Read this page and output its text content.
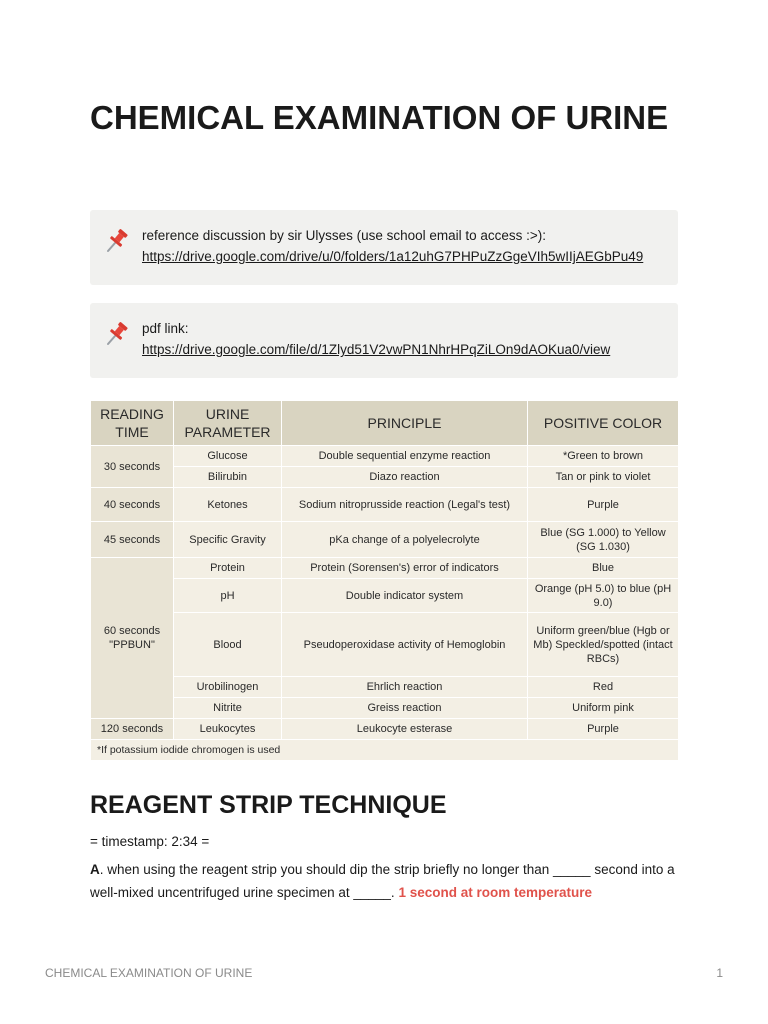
CHEMICAL EXAMINATION OF URINE
reference discussion by sir Ulysses (use school email to access :>):
https://drive.google.com/drive/u/0/folders/1a12uhG7PHPuZzGgeVIh5wIIjAEGbPu49
pdf link:
https://drive.google.com/file/d/1Zlyd51V2vwPN1NhrHPqZiLOn9dAOKua0/view
READING TIME	URINE PARAMETER	PRINCIPLE	POSITIVE COLOR
30 seconds	Glucose	Double sequential enzyme reaction	*Green to brown
	Bilirubin	Diazo reaction	Tan or pink to violet
40 seconds	Ketones	Sodium nitroprusside reaction (Legal's test)	Purple
45 seconds	Specific Gravity	pKa change of a polyelecrolyte	Blue (SG 1.000) to Yellow (SG 1.030)
60 seconds "PPBUN"	Protein	Protein (Sorensen's) error of indicators	Blue
	pH	Double indicator system	Orange (pH 5.0) to blue (pH 9.0)
	Blood	Pseudoperoxidase activity of Hemoglobin	Uniform green/blue (Hgb or Mb) Speckled/spotted (intact RBCs)
	Urobilinogen	Ehrlich reaction	Red
	Nitrite	Greiss reaction	Uniform pink
120 seconds	Leukocytes	Leukocyte esterase	Purple
*If potassium iodide chromogen is used			
REAGENT STRIP TECHNIQUE

= timestamp: 2:34 =

A. when using the reagent strip you should dip the strip briefly no longer than _____ second into a well-mixed uncentrifuged urine specimen at _____. 1 second at room temperature

CHEMICAL EXAMINATION OF URINE	1
